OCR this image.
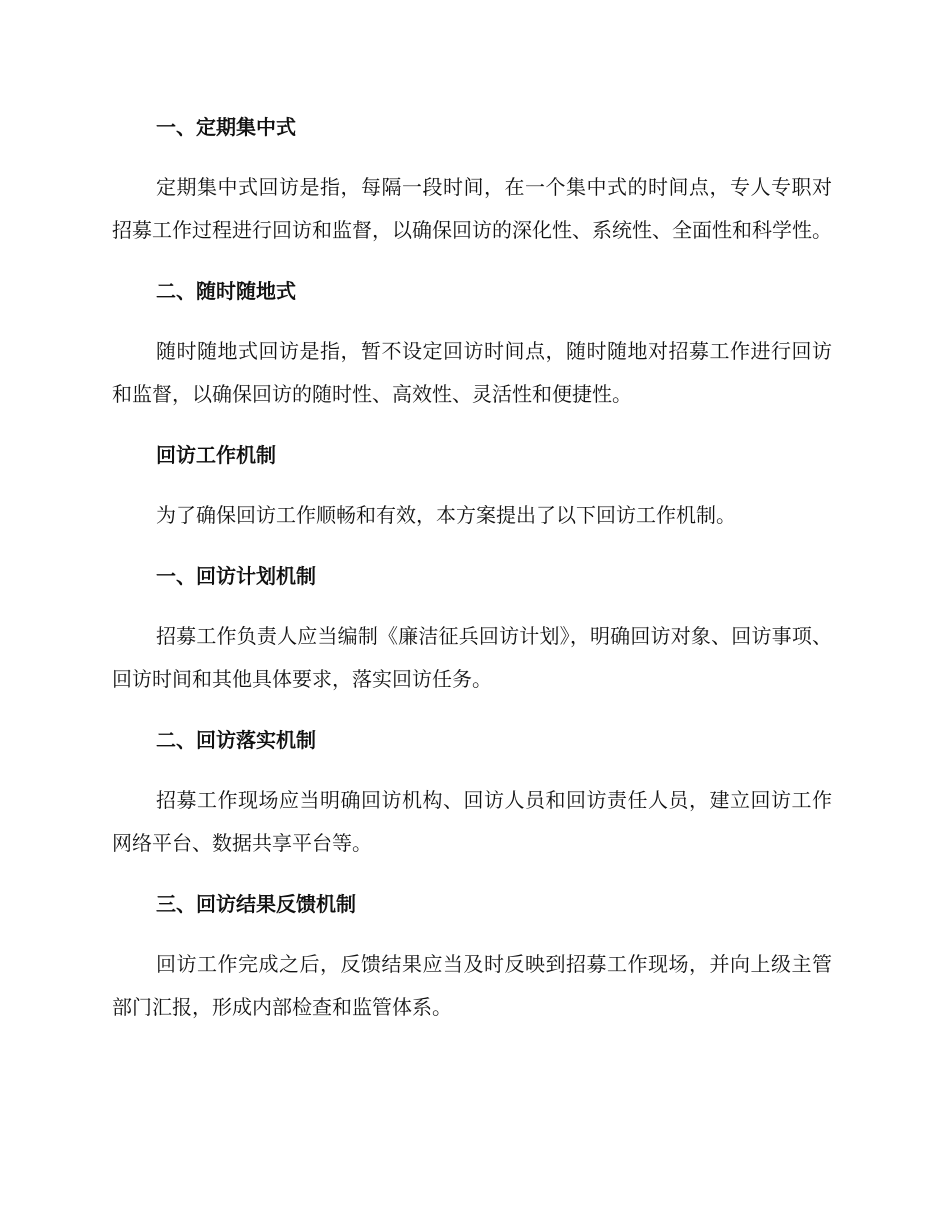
一、定期集中式

定期集中式回访是指，每隔一段时间，在一个集中式的时间点，专人专职对招募工作过程进行回访和监督，以确保回访的深化性、系统性、全面性和科学性。

二、随时随地式

随时随地式回访是指，暂不设定回访时间点，随时随地对招募工作进行回访和监督，以确保回访的随时性、高效性、灵活性和便捷性。

回访工作机制

为了确保回访工作顺畅和有效，本方案提出了以下回访工作机制。

一、回访计划机制

招募工作负责人应当编制《廉洁征兵回访计划》，明确回访对象、回访事项、回访时间和其他具体要求，落实回访任务。

二、回访落实机制

招募工作现场应当明确回访机构、回访人员和回访责任人员，建立回访工作网络平台、数据共享平台等。

三、回访结果反馈机制

回访工作完成之后，反馈结果应当及时反映到招募工作现场，并向上级主管部门汇报，形成内部检查和监管体系。
